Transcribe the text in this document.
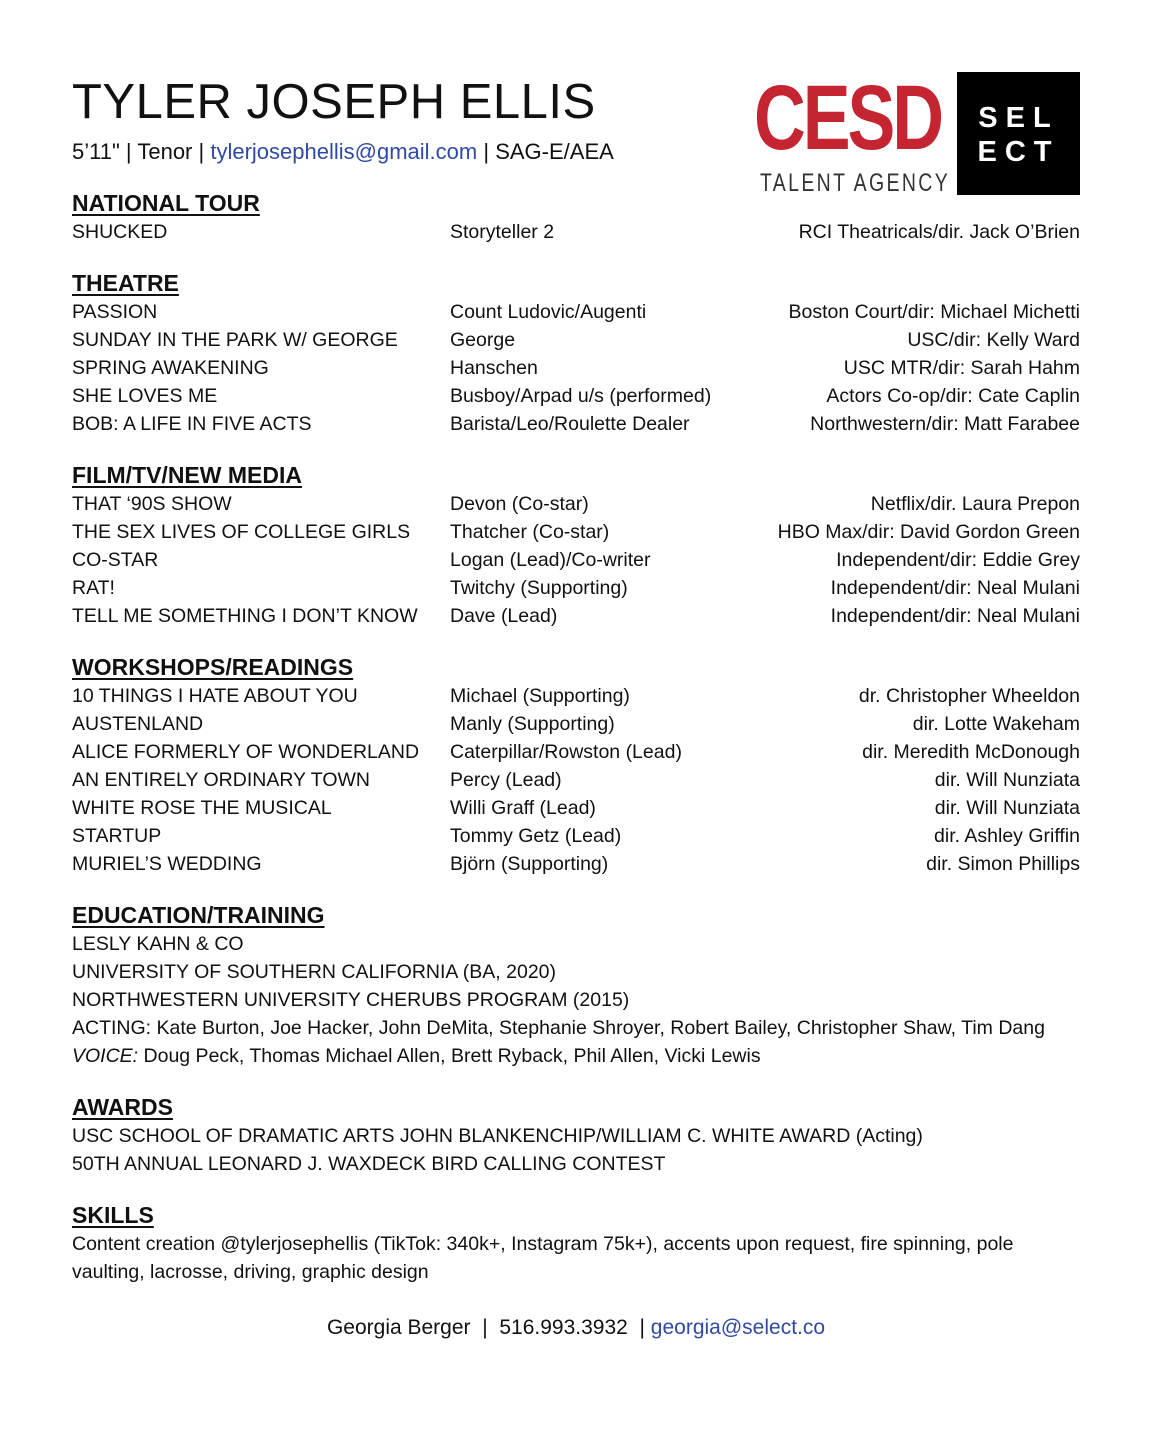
TYLER JOSEPH ELLIS
5’11" | Tenor | tylerjosephellis@gmail.com | SAG-E/AEA CESD
TALENT AGENCY
SEL
ECT
NATIONAL TOUR
SHUCKED	Storyteller 2	RCI Theatricals/dir. Jack O’Brien
THEATRE
PASSION	Count Ludovic/Augenti	Boston Court/dir: Michael Michetti
SUNDAY IN THE PARK W/ GEORGE	George	USC/dir: Kelly Ward
SPRING AWAKENING	Hanschen	USC MTR/dir: Sarah Hahm
SHE LOVES ME	Busboy/Arpad u/s (performed)	Actors Co-op/dir: Cate Caplin
BOB: A LIFE IN FIVE ACTS	Barista/Leo/Roulette Dealer	Northwestern/dir: Matt Farabee
FILM/TV/NEW MEDIA
THAT ‘90S SHOW	Devon (Co-star)	Netflix/dir. Laura Prepon
THE SEX LIVES OF COLLEGE GIRLS Thatcher (Co-star)	HBO Max/dir: David Gordon Green
CO-STAR	Logan (Lead)/Co-writer	Independent/dir: Eddie Grey
RAT!	Twitchy (Supporting)	Independent/dir: Neal Mulani
TELL ME SOMETHING I DON’T KNOW Dave (Lead)	Independent/dir: Neal Mulani
WORKSHOPS/READINGS
10 THINGS I HATE ABOUT YOU	Michael (Supporting)	dr. Christopher Wheeldon
AUSTENLAND	Manly (Supporting)	dir. Lotte Wakeham
ALICE FORMERLY OF WONDERLAND Caterpillar/Rowston (Lead)	dir. Meredith McDonough
AN ENTIRELY ORDINARY TOWN	Percy (Lead)	dir. Will Nunziata
WHITE ROSE THE MUSICAL	Willi Graff (Lead)	dir. Will Nunziata
STARTUP	Tommy Getz (Lead)	dir. Ashley Griffin
MURIEL’S WEDDING	Björn (Supporting)	dir. Simon Phillips
EDUCATION/TRAINING
LESLY KAHN & CO
UNIVERSITY OF SOUTHERN CALIFORNIA (BA, 2020)
NORTHWESTERN UNIVERSITY CHERUBS PROGRAM (2015)
ACTING: Kate Burton, Joe Hacker, John DeMita, Stephanie Shroyer, Robert Bailey, Christopher Shaw, Tim Dang
VOICE: Doug Peck, Thomas Michael Allen, Brett Ryback, Phil Allen, Vicki Lewis
AWARDS
USC SCHOOL OF DRAMATIC ARTS JOHN BLANKENCHIP/WILLIAM C. WHITE AWARD (Acting)
50TH ANNUAL LEONARD J. WAXDECK BIRD CALLING CONTEST
SKILLS
Content creation @tylerjosephellis (TikTok: 340k+, Instagram 75k+), accents upon request, fire spinning, pole vaulting, lacrosse, driving, graphic design
Georgia Berger | 516.993.3932 | georgia@select.co
